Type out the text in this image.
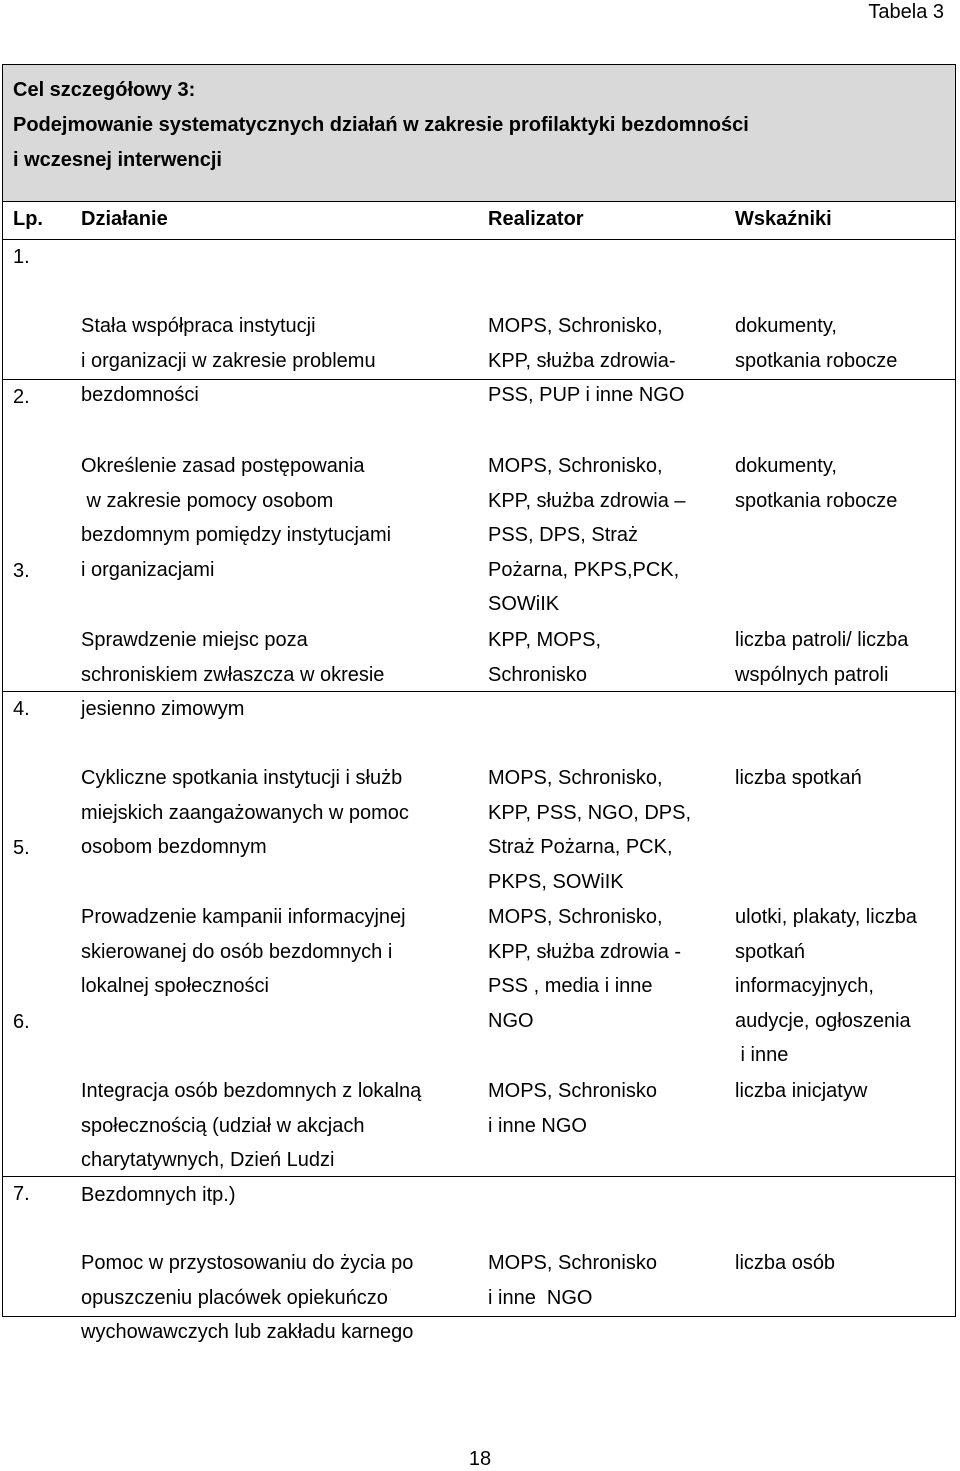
Tabela 3
Cel szczegółowy 3:
Podejmowanie systematycznych działań w zakresie profilaktyki bezdomności
i wczesnej interwencji
Lp. Działanie	Realizator	Wskaźniki
1.

Stała współpraca instytucji
i organizacji w zakresie problemu
bezdomności

MOPS, Schronisko,
KPP, służba zdrowia-
PSS, PUP i inne NGO

dokumenty,
spotkania robocze

2.

Określenie zasad postępowania
w zakresie pomocy osobom
bezdomnym pomiędzy instytucjami
i organizacjami

MOPS, Schronisko,
KPP, służba zdrowia –
PSS, DPS, Straż
Pożarna, PKPS,PCK,
SOWiIK

dokumenty,
spotkania robocze

3.

Sprawdzenie miejsc poza
schroniskiem zwłaszcza w okresie
jesienno zimowym

KPP, MOPS,
Schronisko

liczba patroli/ liczba
wspólnych patroli

4.

Cykliczne spotkania instytucji i służb
miejskich zaangażowanych w pomoc
osobom bezdomnym

MOPS, Schronisko,
KPP, PSS, NGO, DPS,
Straż Pożarna, PCK,
PKPS, SOWiIK

liczba spotkań

5.

Prowadzenie kampanii informacyjnej
skierowanej do osób bezdomnych i
lokalnej społeczności

MOPS, Schronisko,
KPP, służba zdrowia -
PSS , media i inne
NGO

ulotki, plakaty, liczba
spotkań
informacyjnych,
audycje, ogłoszenia
i inne

6.

Integracja osób bezdomnych z lokalną
społecznością (udział w akcjach
charytatywnych, Dzień Ludzi
Bezdomnych itp.)

MOPS, Schronisko
i inne NGO

liczba inicjatyw

7.

Pomoc w przystosowaniu do życia po
opuszczeniu placówek opiekuńczo
wychowawczych lub zakładu karnego

MOPS, Schronisko
i inne  NGO

liczba osób

18
